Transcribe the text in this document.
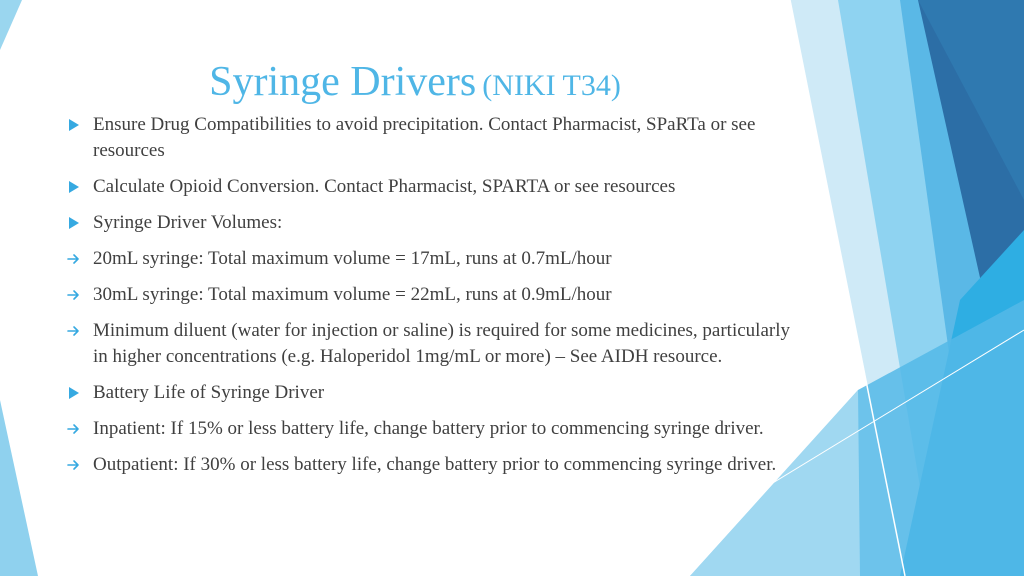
Syringe Drivers (NIKI T34)
Ensure Drug Compatibilities to avoid precipitation. Contact Pharmacist, SPaRTa or see resources
Calculate Opioid Conversion. Contact Pharmacist, SPARTA or see resources
Syringe Driver Volumes:
20mL syringe: Total maximum volume = 17mL, runs at 0.7mL/hour
30mL syringe: Total maximum volume = 22mL, runs at 0.9mL/hour
Minimum diluent (water for injection or saline) is required for some medicines, particularly in higher concentrations (e.g. Haloperidol 1mg/mL or more) – See AIDH resource.
Battery Life of Syringe Driver
Inpatient: If 15% or less battery life, change battery prior to commencing syringe driver.
Outpatient: If 30% or less battery life, change battery prior to commencing syringe driver.
